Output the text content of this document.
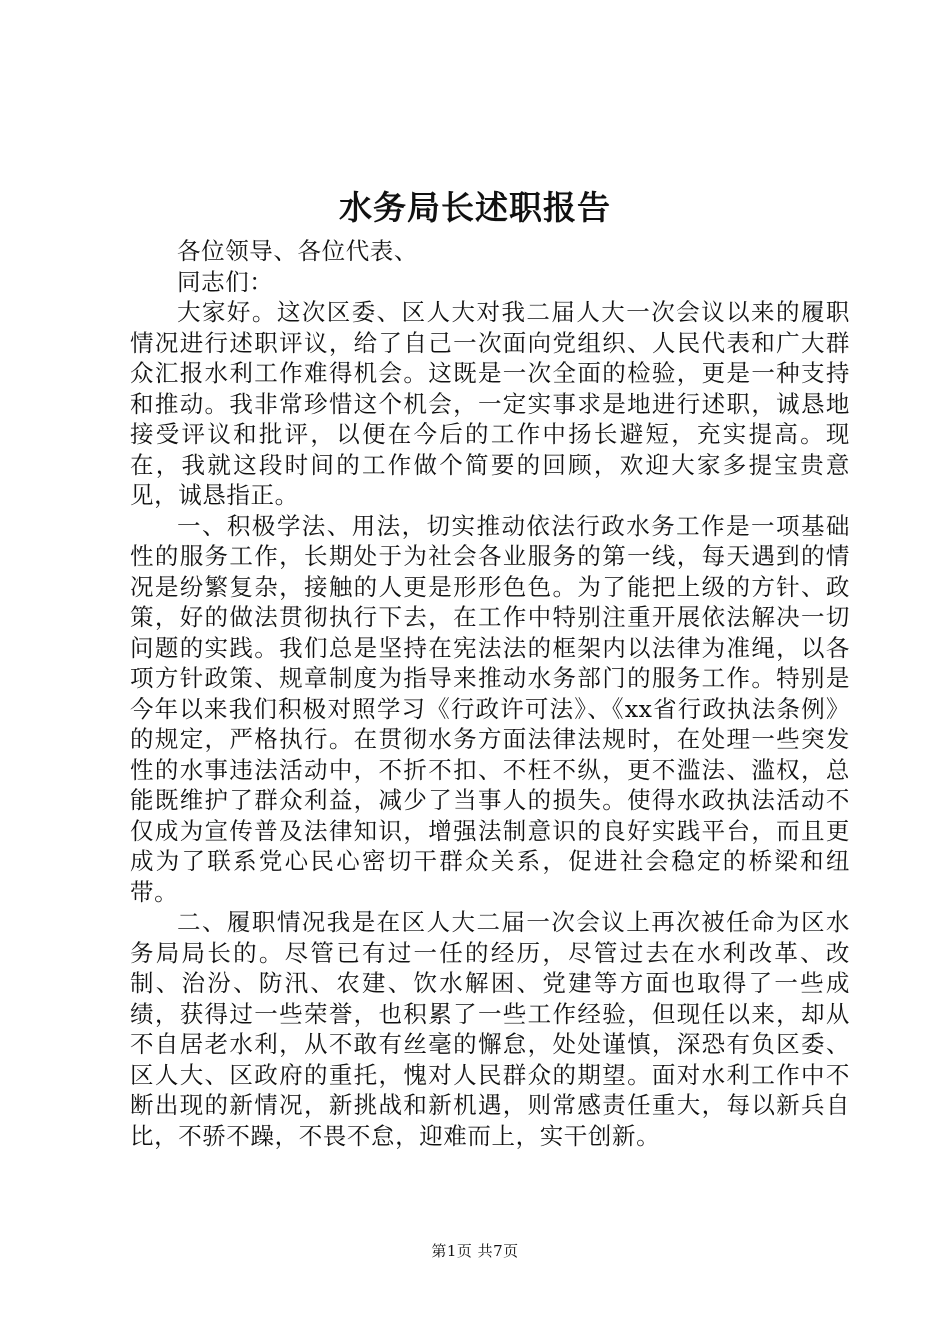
水务局长述职报告

各位领导、各位代表、

同志们：

大家好。这次区委、区人大对我二届人大一次会议以来的履职情况进行述职评议，给了自己一次面向党组织、人民代表和广大群众汇报水利工作难得机会。这既是一次全面的检验，更是一种支持和推动。我非常珍惜这个机会，一定实事求是地进行述职，诚恳地接受评议和批评，以便在今后的工作中扬长避短，充实提高。现在，我就这段时间的工作做个简要的回顾，欢迎大家多提宝贵意见，诚恳指正。

一、积极学法、用法，切实推动依法行政水务工作是一项基础性的服务工作，长期处于为社会各业服务的第一线，每天遇到的情况是纷繁复杂，接触的人更是形形色色。为了能把上级的方针、政策，好的做法贯彻执行下去，在工作中特别注重开展依法解决一切问题的实践。我们总是坚持在宪法法的框架内以法律为准绳，以各项方针政策、规章制度为指导来推动水务部门的服务工作。特别是今年以来我们积极对照学习《行政许可法》、《xx省行政执法条例》的规定，严格执行。在贯彻水务方面法律法规时，在处理一些突发性的水事违法活动中，不折不扣、不枉不纵，更不滥法、滥权，总能既维护了群众利益，减少了当事人的损失。使得水政执法活动不仅成为宣传普及法律知识，增强法制意识的良好实践平台，而且更成为了联系党心民心密切干群众关系，促进社会稳定的桥梁和纽带。

二、履职情况我是在区人大二届一次会议上再次被任命为区水务局局长的。尽管已有过一任的经历，尽管过去在水利改革、改制、治汾、防汛、农建、饮水解困、党建等方面也取得了一些成绩，获得过一些荣誉，也积累了一些工作经验，但现任以来，却从不自居老水利，从不敢有丝毫的懈怠，处处谨慎，深恐有负区委、区人大、区政府的重托，愧对人民群众的期望。面对水利工作中不断出现的新情况，新挑战和新机遇，则常感责任重大，每以新兵自比，不骄不躁，不畏不怠，迎难而上，实干创新。

第1页 共7页
